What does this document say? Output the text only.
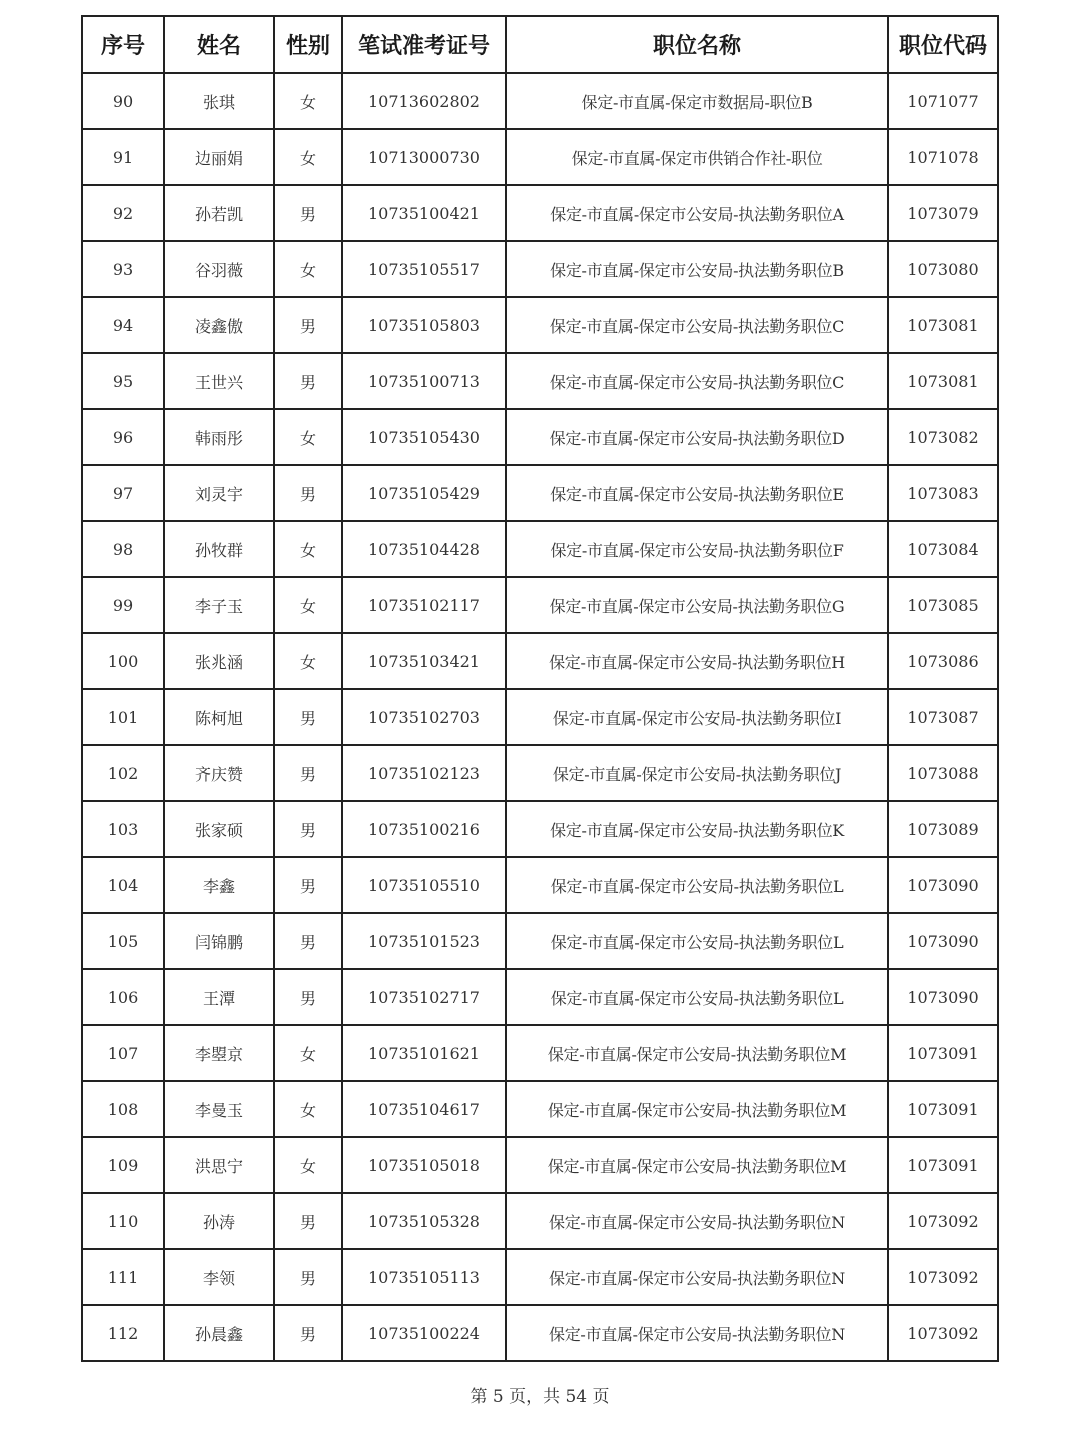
序号	姓名	性别	笔试准考证号	职位名称	职位代码
90	张琪	女	10713602802	保定-市直属-保定市数据局-职位B	1071077
91	边丽娟	女	10713000730	保定-市直属-保定市供销合作社-职位	1071078
92	孙若凯	男	10735100421	保定-市直属-保定市公安局-执法勤务职位A	1073079
93	谷羽薇	女	10735105517	保定-市直属-保定市公安局-执法勤务职位B	1073080
94	凌鑫傲	男	10735105803	保定-市直属-保定市公安局-执法勤务职位C	1073081
95	王世兴	男	10735100713	保定-市直属-保定市公安局-执法勤务职位C	1073081
96	韩雨彤	女	10735105430	保定-市直属-保定市公安局-执法勤务职位D	1073082
97	刘灵宇	男	10735105429	保定-市直属-保定市公安局-执法勤务职位E	1073083
98	孙牧群	女	10735104428	保定-市直属-保定市公安局-执法勤务职位F	1073084
99	李子玉	女	10735102117	保定-市直属-保定市公安局-执法勤务职位G	1073085
100	张兆涵	女	10735103421	保定-市直属-保定市公安局-执法勤务职位H	1073086
101	陈柯旭	男	10735102703	保定-市直属-保定市公安局-执法勤务职位I	1073087
102	齐庆赞	男	10735102123	保定-市直属-保定市公安局-执法勤务职位J	1073088
103	张家硕	男	10735100216	保定-市直属-保定市公安局-执法勤务职位K	1073089
104	李鑫	男	10735105510	保定-市直属-保定市公安局-执法勤务职位L	1073090
105	闫锦鹏	男	10735101523	保定-市直属-保定市公安局-执法勤务职位L	1073090
106	王潭	男	10735102717	保定-市直属-保定市公安局-执法勤务职位L	1073090
107	李曌京	女	10735101621	保定-市直属-保定市公安局-执法勤务职位M	1073091
108	李曼玉	女	10735104617	保定-市直属-保定市公安局-执法勤务职位M	1073091
109	洪思宁	女	10735105018	保定-市直属-保定市公安局-执法勤务职位M	1073091
110	孙涛	男	10735105328	保定-市直属-保定市公安局-执法勤务职位N	1073092
111	李领	男	10735105113	保定-市直属-保定市公安局-执法勤务职位N	1073092
112	孙晨鑫	男	10735100224	保定-市直属-保定市公安局-执法勤务职位N	1073092
第 5 页，共 54 页
